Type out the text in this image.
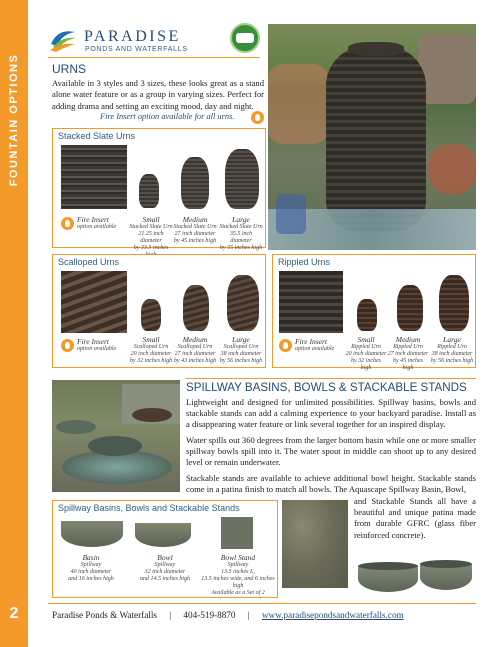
FOUNTAIN OPTIONS
2
PARADISE
PONDS AND WATERFALLS
URNS
Available in 3 styles and 3 sizes, these looks great as a stand alone water feature or as a group in varying sizes. Perfect for adding drama and setting an exciting mood, day and night.
Fire Insert option available for all urns.
Stacked Slate Urns
Fire Insert
option available
Small
Stacked Slate Urn
21.25 inch diameter
by 33.5 inches
Medium
Stacked Slate Urn
27 inch diameter
by 45 inches high
Large
Stacked Slate Urn
35.5 inch diameter
by 55 inches high
Scalloped Urns
Fire Insert
option available
Small
Scalloped Urn
20 inch diameter
by 32 inches high
Medium
Scalloped Urn
27 inch diameter
by 43 inches high
Large
Scalloped Urn
38 inch diameter
by 56 inches high
Rippled Urns
Fire Insert
option available
Small
Rippled Urn
20 inch diameter
by 32 inches high
Medium
Rippled Urn
27 inch diameter
by 45 inches high
Large
Rippled Urn
38 inch diameter
by 56 inches high
SPILLWAY BASINS, BOWLS & STACKABLE STANDS
Lightweight and designed for unlimited possibilities. Spillway basins, bowls and stackable stands can add a calming experience to your backyard paradise. Install as a disappearing water feature or link several together for an inspired display.
Water spills out 360 degrees from the larger bottom basin while one or more smaller spillway bowls spill into it. The water spout in middle can shoot up to any desired level or remain underwater.
Stackable stands are available to achieve additional bowl height. Stackable stands come in a patina finish to match all bowls. The Aquascape Spillway Basin, Bowl,
and Stackable Stands all have a beautiful and unique patina made from durable GFRC (glass fiber reinforced concrete).
Spillway Basins, Bowls and Stackable Stands
Basin
Spillway
40 inch diameter
and 16 inches high
Bowl
Spillway
32 inch diameter
and 14.5 inches high
Bowl Stand
Spillway
13.5 inches L,
13.5 inches wide, and 6 inches high
Available as a Set of 2
Paradise Ponds & Waterfalls | 404-519-8870 | www.paradisepondsandwaterfalls.com
